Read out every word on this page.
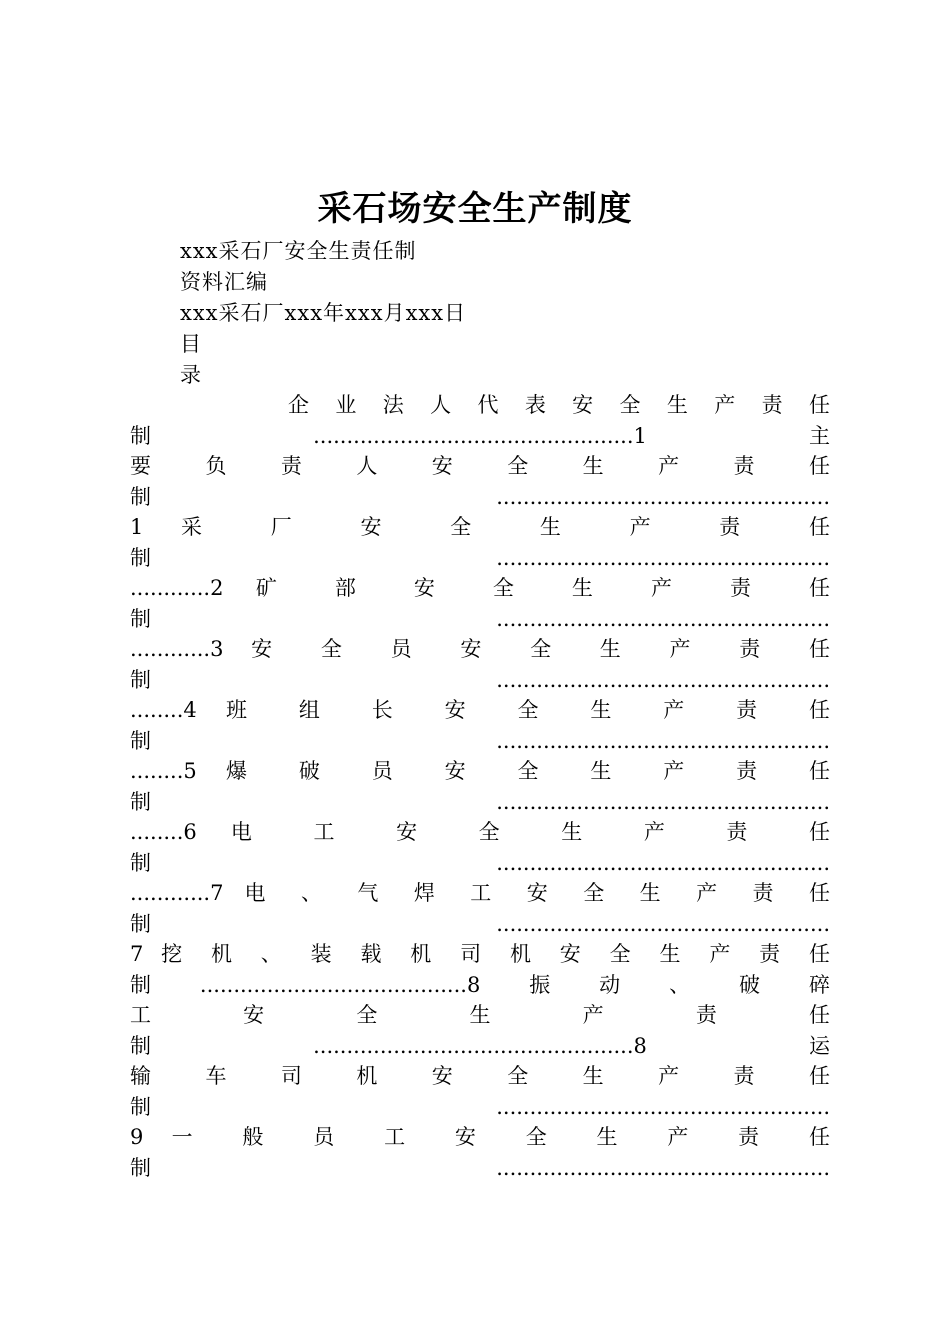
采石场安全生产制度
xxx采石厂安全生责任制
资料汇编
xxx采石厂xxx年xxx月xxx日
目
录
企 业 法 人 代 表 安 全 生 产 责 任
制................................................1主
要 负 责 人 安 全 生 产 责 任
制..................................................
1 采 厂 安 全 生 产 责 任
制..................................................
............2 矿 部 安 全 生 产 责 任
制..................................................
............3 安 全 员 安 全 生 产 责 任
制..................................................
........4 班 组 长 安 全 生 产 责 任
制..................................................
........5 爆 破 员 安 全 生 产 责 任
制..................................................
........6 电 工 安 全 生 产 责 任
制..................................................
............7 电 、 气 焊 工 安 全 生 产 责 任
制..................................................
7 挖 机 、 装 载 机 司 机 安 全 生 产 责 任
制........................................8振动、破碎
工 安 全 生 产 责 任
制................................................8运
输 车 司 机 安 全 生 产 责 任
制..................................................
9 一 般 员 工 安 全 生 产 责 任
制..................................................
